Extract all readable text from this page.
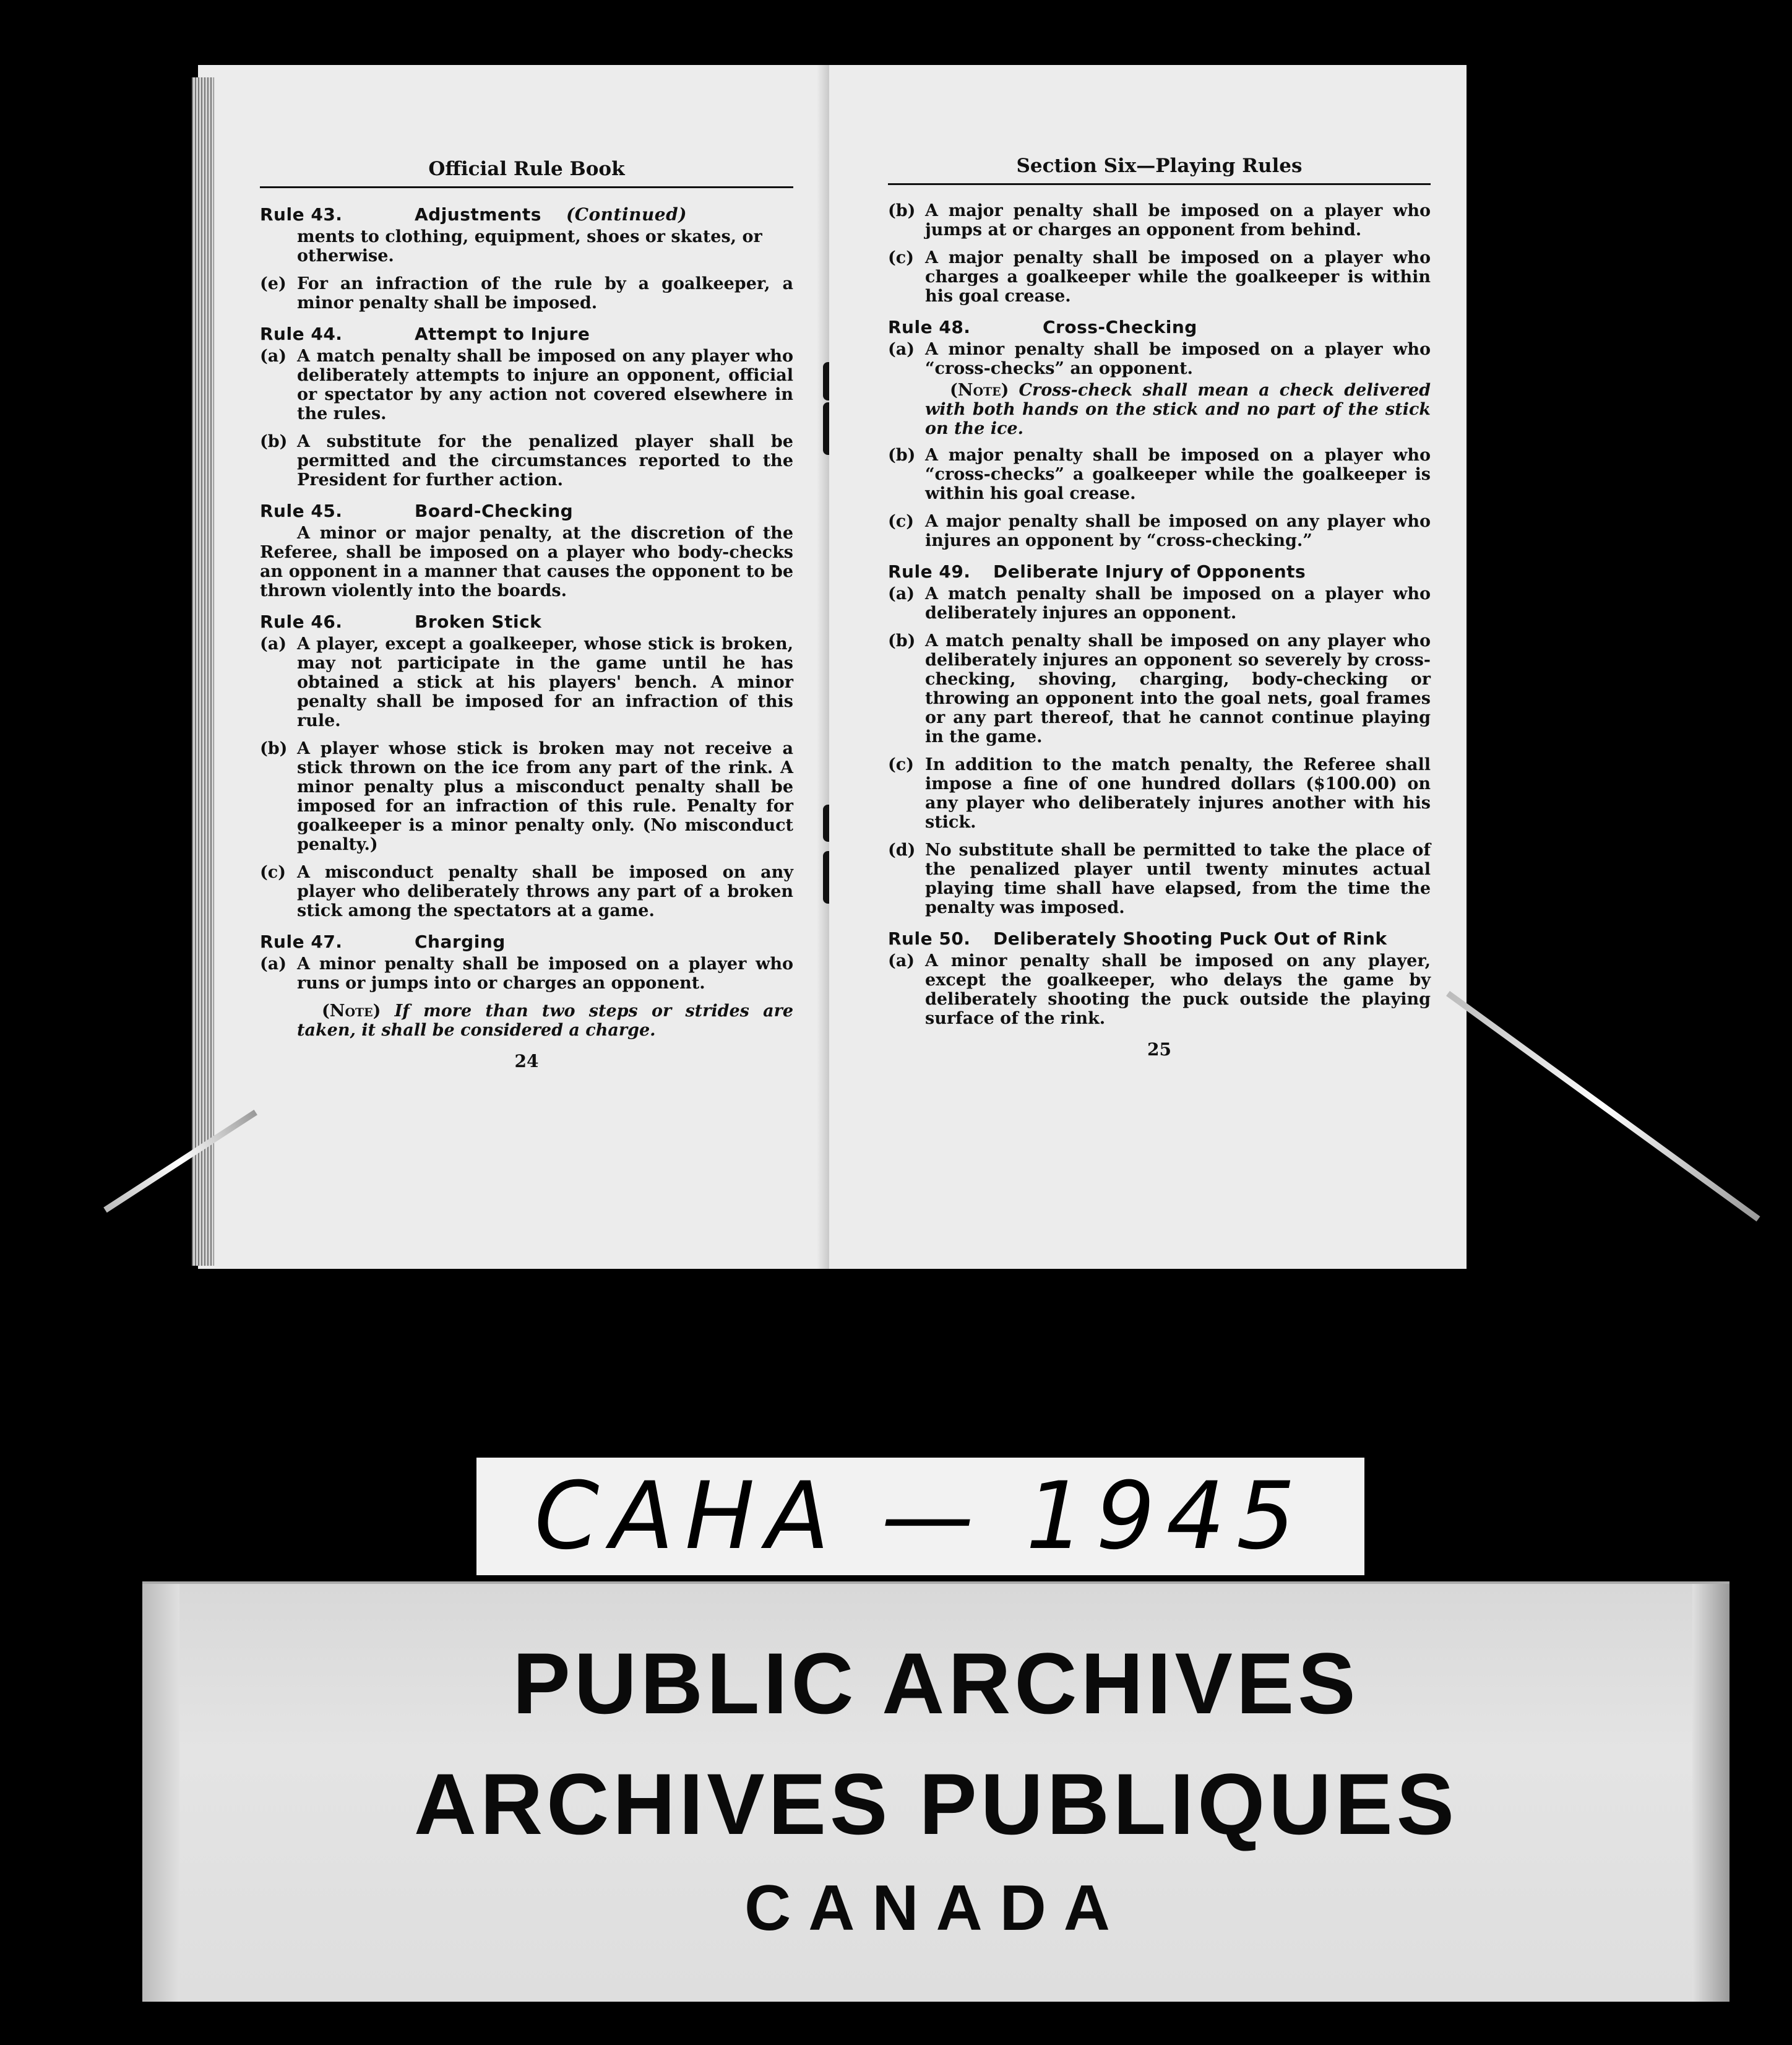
Official Rule Book
Rule 43.	Adjustments (Continued)
ments to clothing, equipment, shoes or skates, or otherwise.
(e) For an infraction of the rule by a goalkeeper, a minor penalty shall be imposed.
Rule 44.	Attempt to Injure
(a) A match penalty shall be imposed on any player who deliberately attempts to injure an opponent, official or spectator by any action not covered elsewhere in the rules.
(b) A substitute for the penalized player shall be permitted and the circumstances reported to the President for further action.
Rule 45.	Board-Checking
A minor or major penalty, at the discretion of the Referee, shall be imposed on a player who body-checks an opponent in a manner that causes the opponent to be thrown violently into the boards.
Rule 46.	Broken Stick
(a) A player, except a goalkeeper, whose stick is broken, may not participate in the game until he has obtained a stick at his players' bench. A minor penalty shall be imposed for an infraction of this rule.
(b) A player whose stick is broken may not receive a stick thrown on the ice from any part of the rink. A minor penalty plus a misconduct penalty shall be imposed for an infraction of this rule. Penalty for goalkeeper is a minor penalty only. (No misconduct penalty.)
(c) A misconduct penalty shall be imposed on any player who deliberately throws any part of a broken stick among the spectators at a game.
Rule 47.	Charging
(a) A minor penalty shall be imposed on a player who runs or jumps into or charges an opponent.
(Note) If more than two steps or strides are taken, it shall be considered a charge.
24
Section Six—Playing Rules
(b) A major penalty shall be imposed on a player who jumps at or charges an opponent from behind.
(c) A major penalty shall be imposed on a player who charges a goalkeeper while the goalkeeper is within his goal crease.
Rule 48.	Cross-Checking
(a) A minor penalty shall be imposed on a player who “cross-checks” an opponent.
(Note) Cross-check shall mean a check delivered with both hands on the stick and no part of the stick on the ice.
(b) A major penalty shall be imposed on a player who “cross-checks” a goalkeeper while the goalkeeper is within his goal crease.
(c) A major penalty shall be imposed on any player who injures an opponent by “cross-checking.”
Rule 49.	Deliberate Injury of Opponents
(a) A match penalty shall be imposed on a player who deliberately injures an opponent.
(b) A match penalty shall be imposed on any player who deliberately injures an opponent so severely by cross-checking, shoving, charging, body-checking or throwing an opponent into the goal nets, goal frames or any part thereof, that he cannot continue playing in the game.
(c) In addition to the match penalty, the Referee shall impose a fine of one hundred dollars ($100.00) on any player who deliberately injures another with his stick.
(d) No substitute shall be permitted to take the place of the penalized player until twenty minutes actual playing time shall have elapsed, from the time the penalty was imposed.
Rule 50.	Deliberately Shooting Puck Out of Rink
(a) A minor penalty shall be imposed on any player, except the goalkeeper, who delays the game by deliberately shooting the puck outside the playing surface of the rink.
25
CAHA — 1945
PUBLIC ARCHIVES
ARCHIVES PUBLIQUES
CANADA
